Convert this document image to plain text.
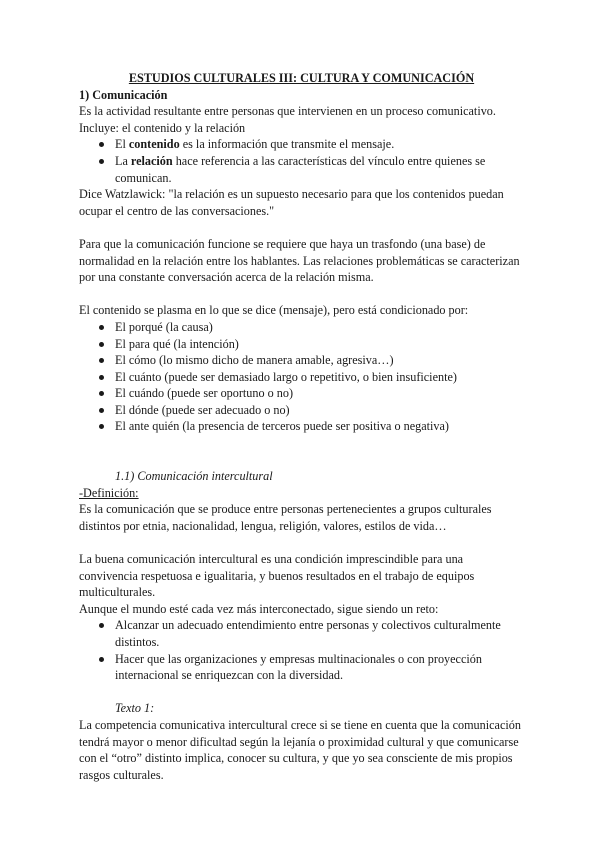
ESTUDIOS CULTURALES III: CULTURA Y COMUNICACIÓN

1) Comunicación

Es la actividad resultante entre personas que intervienen en un proceso comunicativo.

Incluye: el contenido y la relación

El contenido es la información que transmite el mensaje.
La relación hace referencia a las características del vínculo entre quienes se comunican.

Dice Watzlawick: "la relación es un supuesto necesario para que los contenidos puedan ocupar el centro de las conversaciones."

Para que la comunicación funcione se requiere que haya un trasfondo (una base) de normalidad en la relación entre los hablantes. Las relaciones problemáticas se caracterizan por una constante conversación acerca de la relación misma.

El contenido se plasma en lo que se dice (mensaje), pero está condicionado por:

El porqué (la causa)
El para qué (la intención)
El cómo (lo mismo dicho de manera amable, agresiva…)
El cuánto (puede ser demasiado largo o repetitivo, o bien insuficiente)
El cuándo (puede ser oportuno o no)
El dónde (puede ser adecuado o no)
El ante quién (la presencia de terceros puede ser positiva o negativa)

1.1) Comunicación intercultural

-Definición:

Es la comunicación que se produce entre personas pertenecientes a grupos culturales distintos por etnia, nacionalidad, lengua, religión, valores, estilos de vida…

La buena comunicación intercultural es una condición imprescindible para una convivencia respetuosa e igualitaria, y buenos resultados en el trabajo de equipos multiculturales.

Aunque el mundo esté cada vez más interconectado, sigue siendo un reto:

Alcanzar un adecuado entendimiento entre personas y colectivos culturalmente distintos.
Hacer que las organizaciones y empresas multinacionales o con proyección internacional se enriquezcan con la diversidad.

Texto 1:

La competencia comunicativa intercultural crece si se tiene en cuenta que la comunicación tendrá mayor o menor dificultad según la lejanía o proximidad cultural y que comunicarse con el “otro” distinto implica, conocer su cultura, y que yo sea consciente de mis propios rasgos culturales.
